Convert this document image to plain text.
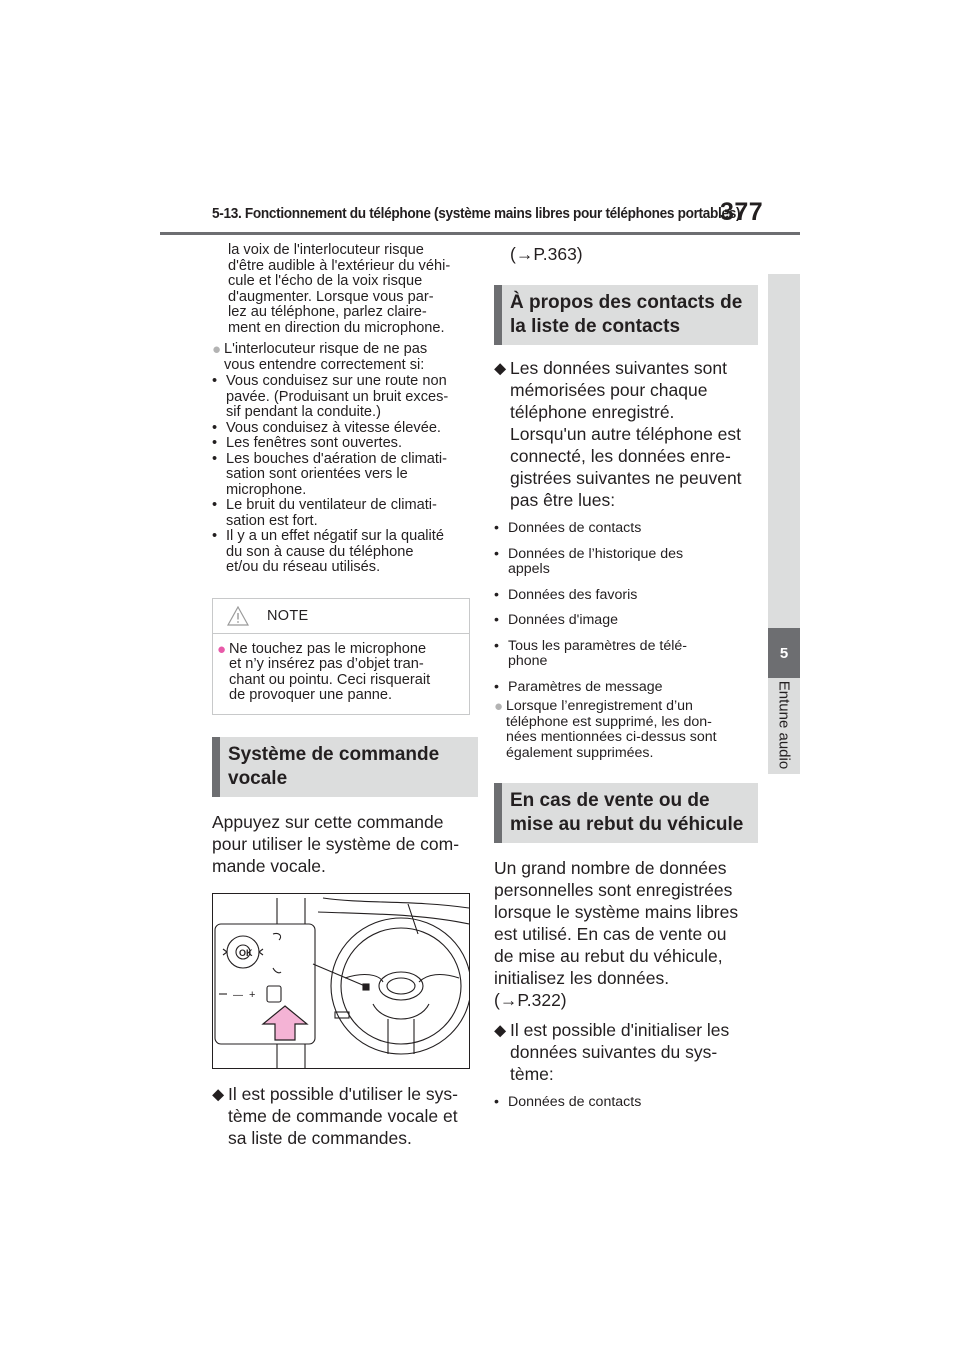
5-13. Fonctionnement du téléphone (système mains libres pour téléphones portables)
377
5
Entune audio
la voix de l'interlocuteur risque
d'être audible à l'extérieur du véhi-
cule et l'écho de la voix risque
d'augmenter. Lorsque vous par-
lez au téléphone, parlez claire-
ment en direction du microphone.
● L'interlocuteur risque de ne pas
vous entendre correctement si:
• Vous conduisez sur une route non
pavée. (Produisant un bruit exces-
sif pendant la conduite.)
• Vous conduisez à vitesse élevée.
• Les fenêtres sont ouvertes.
• Les bouches d'aération de climati-
sation sont orientées vers le
microphone.
• Le bruit du ventilateur de climati-
sation est fort.
• Il y a un effet négatif sur la qualité
du son à cause du téléphone
et/ou du réseau utilisés.
NOTE
● Ne touchez pas le microphone
et n’y insérez pas d’objet tran-
chant ou pointu. Ceci risquerait
de provoquer une panne.
Système de commande
vocale
Appuyez sur cette commande
pour utiliser le système de com-
mande vocale.
OK
— +
⬥ Il est possible d'utiliser le sys-
tème de commande vocale et
sa liste de commandes.
(→P.363)
À propos des contacts de
la liste de contacts
⬥ Les données suivantes sont
mémorisées pour chaque
téléphone enregistré.
Lorsqu'un autre téléphone est
connecté, les données enre-
gistrées suivantes ne peuvent
pas être lues:
• Données de contacts
• Données de l’historique des
appels
• Données des favoris
• Données d'image
• Tous les paramètres de télé-
phone
• Paramètres de message
● Lorsque l’enregistrement d’un
téléphone est supprimé, les don-
nées mentionnées ci-dessus sont
également supprimées.
En cas de vente ou de
mise au rebut du véhicule
Un grand nombre de données
personnelles sont enregistrées
lorsque le système mains libres
est utilisé. En cas de vente ou
de mise au rebut du véhicule,
initialisez les données.
(→P.322)
⬥ Il est possible d'initialiser les
données suivantes du sys-
tème:
• Données de contacts
